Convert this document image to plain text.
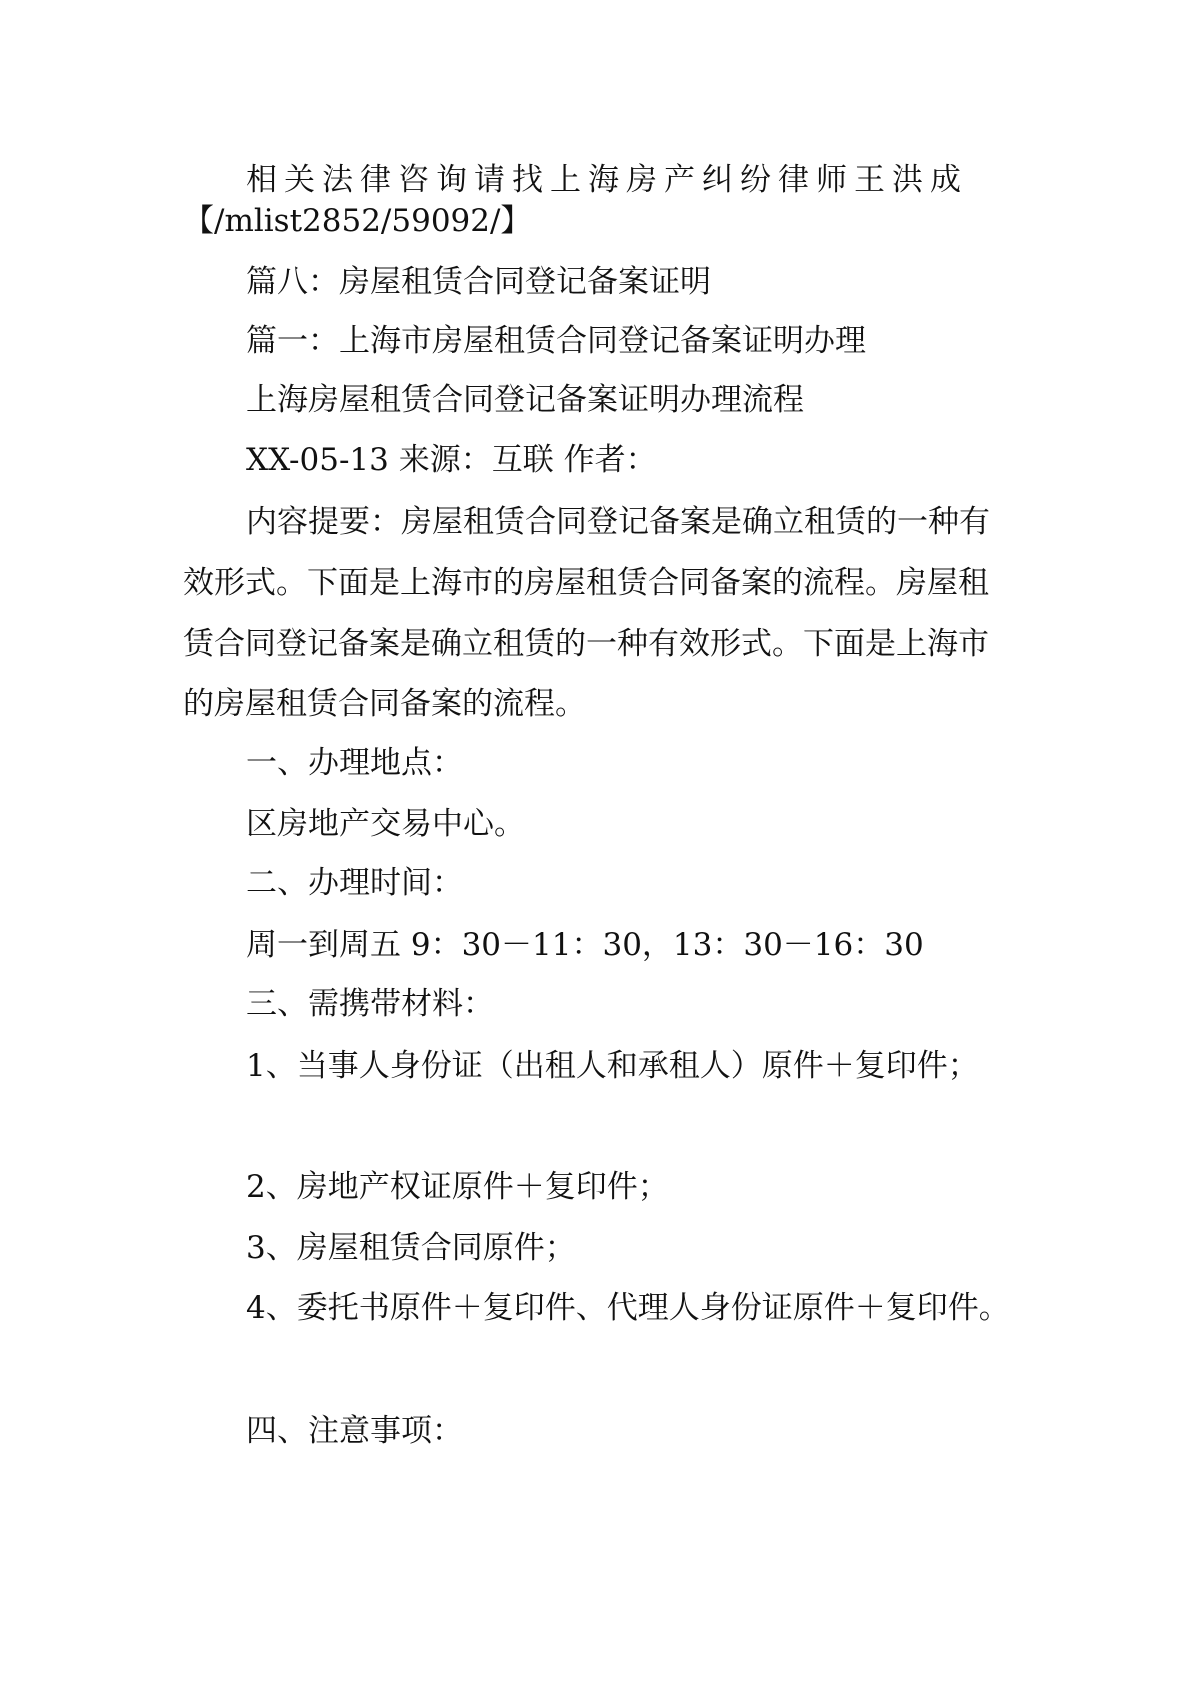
相关法律咨询请找上海房产纠纷律师王洪成
【/mlist2852/59092/】
篇八：房屋租赁合同登记备案证明
篇一：上海市房屋租赁合同登记备案证明办理
上海房屋租赁合同登记备案证明办理流程
XX-05-13 来源：互联 作者：
内容提要：房屋租赁合同登记备案是确立租赁的一种有
效形式。下面是上海市的房屋租赁合同备案的流程。房屋租
赁合同登记备案是确立租赁的一种有效形式。下面是上海市
的房屋租赁合同备案的流程。
一、办理地点：
区房地产交易中心。
二、办理时间：
周一到周五 9：30－11：30，13：30－16：30
三、需携带材料：
1、当事人身份证（出租人和承租人）原件＋复印件；
2、房地产权证原件＋复印件；
3、房屋租赁合同原件；
4、委托书原件＋复印件、代理人身份证原件＋复印件。
四、注意事项：
